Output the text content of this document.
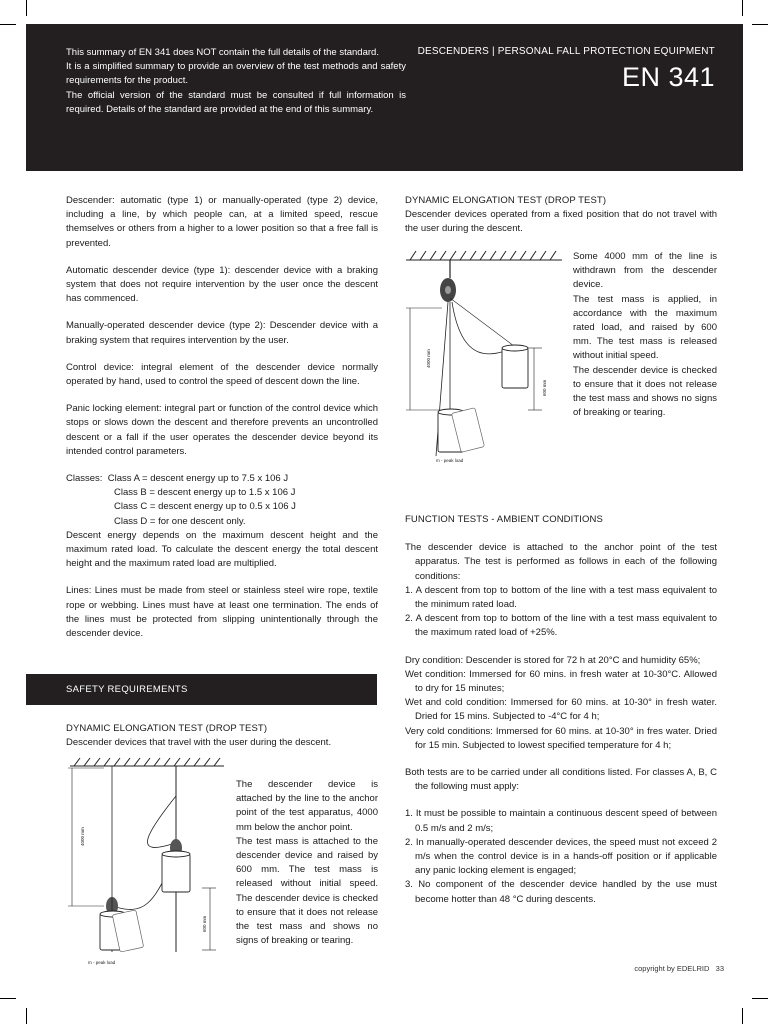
This summary of EN 341 does NOT contain the full details of the standard.

It is a simplified summary to provide an overview of the test methods and safety requirements for the product.

The official version of the standard must be consulted if full information is required. Details of the standard are provided at the end of this summary.

DESCENDERS | PERSONAL FALL PROTECTION EQUIPMENT
EN 341

Descender: automatic (type 1) or manually-operated (type 2) device, including a line, by which people can, at a limited speed, rescue themselves or others from a higher to a lower position so that a free fall is prevented.

Automatic descender device (type 1): descender device with a braking system that does not require intervention by the user once the descent has commenced.

Manually-operated descender device (type 2): Descender device with a braking system that requires intervention by the user.

Control device: integral element of the descender device normally operated by hand, used to control the speed of descent down the line.

Panic locking element: integral part or function of the control device which stops or slows down the descent and therefore prevents an uncontrolled descent or a fall if the user operates the descender device beyond its intended control parameters.

Classes: Class A = descent energy up to 7.5 x 106 J

Class B = descent energy up to 1.5 x 106 J

Class C = descent energy up to 0.5 x 106 J

Class D = for one descent only.

Descent energy depends on the maximum descent height and the maximum rated load. To calculate the descent energy the total descent height and the maximum rated load are multiplied.

Lines: Lines must be made from steel or stainless steel wire rope, textile rope or webbing. Lines must have at least one termination. The ends of the lines must be protected from slipping unintentionally through the descender device.

SAFETY REQUIREMENTS

DYNAMIC ELONGATION TEST (DROP TEST)

Descender devices that travel with the user during the descent.

The descender device is attached by the line to the anchor point of the test apparatus, 4000 mm below the anchor point.

The test mass is attached to the descender device and raised by 600 mm. The test mass is released without initial speed. The descender device is checked to ensure that it does not release the test mass and shows no signs of breaking or tearing.

4000 mm
600 mm
m - peak load

DYNAMIC ELONGATION TEST (DROP TEST)

Descender devices operated from a fixed position that do not travel with the user during the descent.

Some 4000 mm of the line is withdrawn from the descender device.

The test mass is applied, in accordance with the maximum rated load, and raised by 600 mm. The test mass is released without initial speed.

The descender device is checked to ensure that it does not release the test mass and shows no signs of breaking or tearing.

4000 mm
600 mm
m - peak load

FUNCTION TESTS - AMBIENT CONDITIONS

The descender device is attached to the anchor point of the test apparatus. The test is performed as follows in each of the following conditions:

1. A descent from top to bottom of the line with a test mass equivalent to the minimum rated load.

2. A descent from top to bottom of the line with a test mass equivalent to the maximum rated load of +25%.

Dry condition: Descender is stored for 72 h at 20°C and humidity 65%;

Wet condition: Immersed for 60 mins. in fresh water at 10-30°C. Allowed to dry for 15 minutes;

Wet and cold condition: Immersed for 60 mins. at 10-30° in fresh water. Dried for 15 mins. Subjected to -4°C for 4 h;

Very cold conditions: Immersed for 60 mins. at 10-30° in fres water. Dried for 15 min. Subjected to lowest specified temperature for 4 h;

Both tests are to be carried under all conditions listed. For classes A, B, C the following must apply:

1. It must be possible to maintain a continuous descent speed of between 0.5 m/s and 2 m/s;

2. In manually-operated descender devices, the speed must not exceed 2 m/s when the control device is in a hands-off position or if applicable any panic locking element is engaged;

3. No component of the descender device handled by the use must become hotter than 48 °C during descents.

copyright by EDELRID 33
